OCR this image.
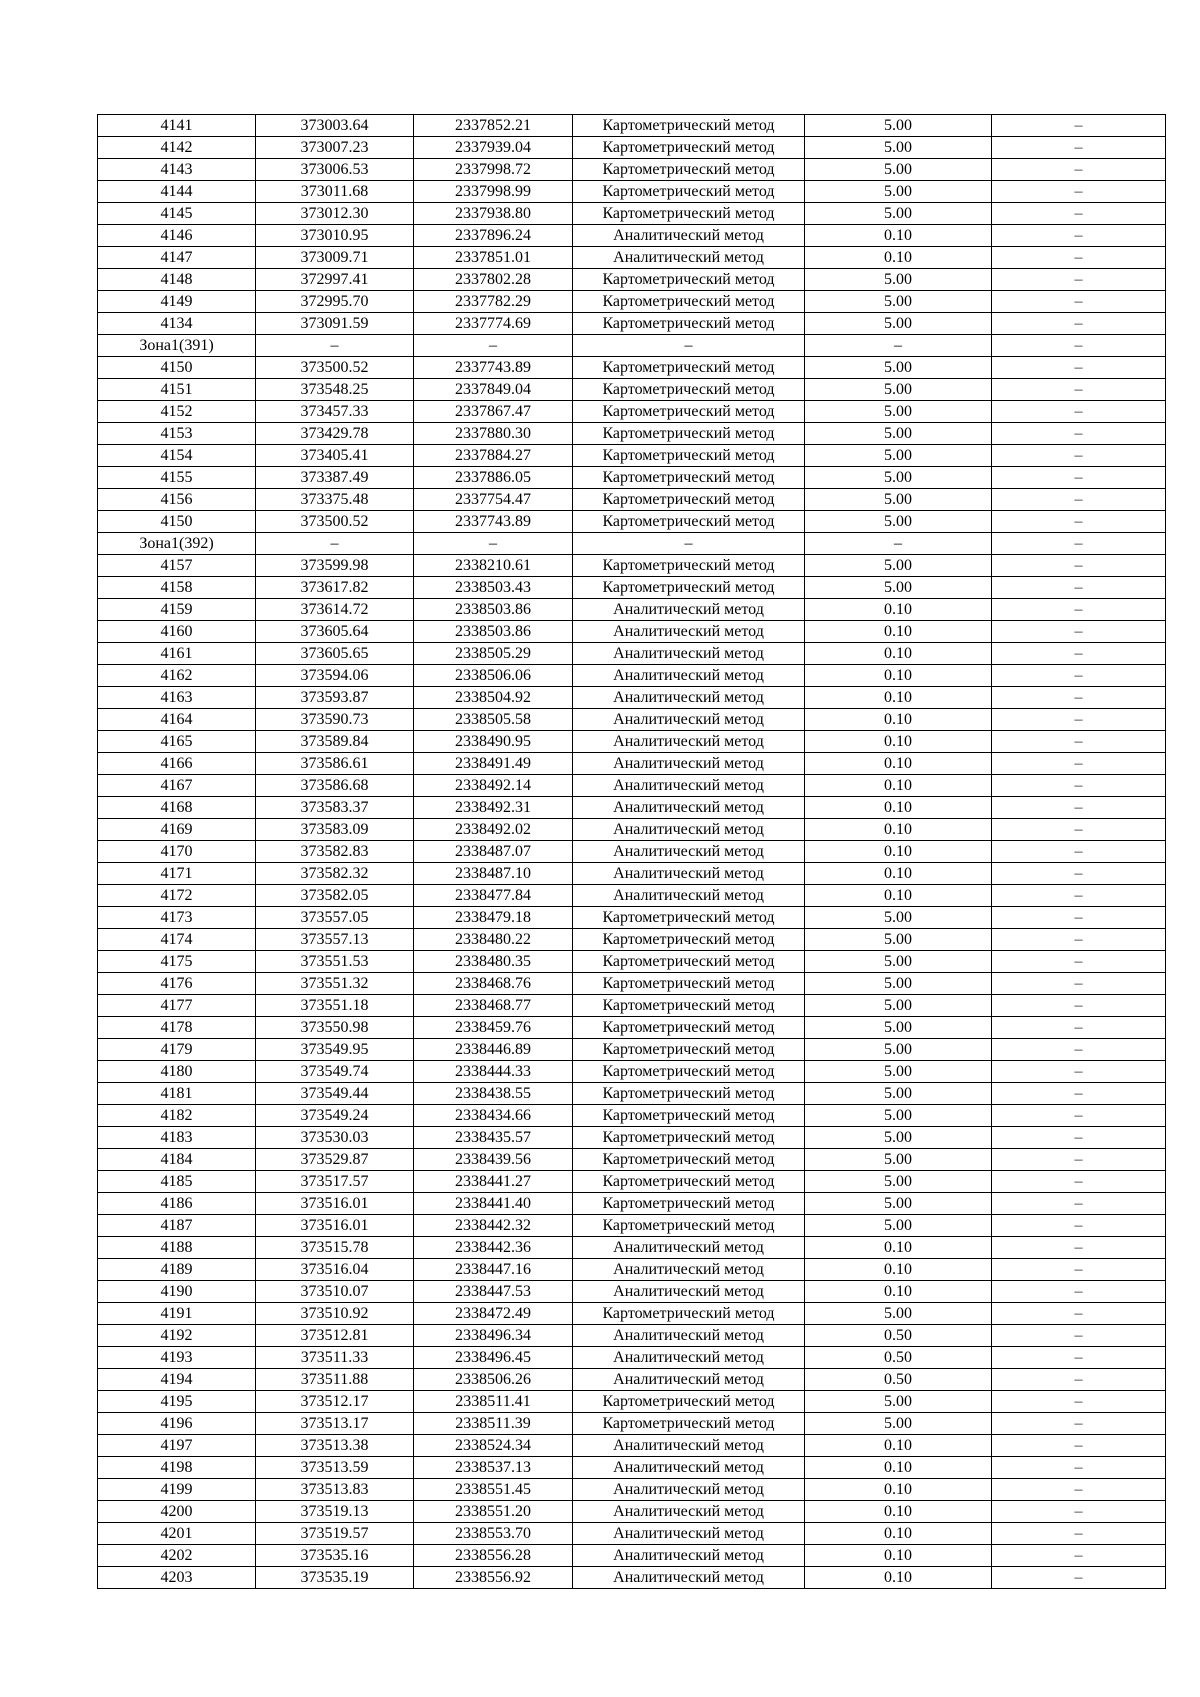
4141	373003.64	2337852.21	Картометрический метод	5.00	–
4142	373007.23	2337939.04	Картометрический метод	5.00	–
4143	373006.53	2337998.72	Картометрический метод	5.00	–
4144	373011.68	2337998.99	Картометрический метод	5.00	–
4145	373012.30	2337938.80	Картометрический метод	5.00	–
4146	373010.95	2337896.24	Аналитический метод	0.10	–
4147	373009.71	2337851.01	Аналитический метод	0.10	–
4148	372997.41	2337802.28	Картометрический метод	5.00	–
4149	372995.70	2337782.29	Картометрический метод	5.00	–
4134	373091.59	2337774.69	Картометрический метод	5.00	–
Зона1(391)	–	–	–	–	–
4150	373500.52	2337743.89	Картометрический метод	5.00	–
4151	373548.25	2337849.04	Картометрический метод	5.00	–
4152	373457.33	2337867.47	Картометрический метод	5.00	–
4153	373429.78	2337880.30	Картометрический метод	5.00	–
4154	373405.41	2337884.27	Картометрический метод	5.00	–
4155	373387.49	2337886.05	Картометрический метод	5.00	–
4156	373375.48	2337754.47	Картометрический метод	5.00	–
4150	373500.52	2337743.89	Картометрический метод	5.00	–
Зона1(392)	–	–	–	–	–
4157	373599.98	2338210.61	Картометрический метод	5.00	–
4158	373617.82	2338503.43	Картометрический метод	5.00	–
4159	373614.72	2338503.86	Аналитический метод	0.10	–
4160	373605.64	2338503.86	Аналитический метод	0.10	–
4161	373605.65	2338505.29	Аналитический метод	0.10	–
4162	373594.06	2338506.06	Аналитический метод	0.10	–
4163	373593.87	2338504.92	Аналитический метод	0.10	–
4164	373590.73	2338505.58	Аналитический метод	0.10	–
4165	373589.84	2338490.95	Аналитический метод	0.10	–
4166	373586.61	2338491.49	Аналитический метод	0.10	–
4167	373586.68	2338492.14	Аналитический метод	0.10	–
4168	373583.37	2338492.31	Аналитический метод	0.10	–
4169	373583.09	2338492.02	Аналитический метод	0.10	–
4170	373582.83	2338487.07	Аналитический метод	0.10	–
4171	373582.32	2338487.10	Аналитический метод	0.10	–
4172	373582.05	2338477.84	Аналитический метод	0.10	–
4173	373557.05	2338479.18	Картометрический метод	5.00	–
4174	373557.13	2338480.22	Картометрический метод	5.00	–
4175	373551.53	2338480.35	Картометрический метод	5.00	–
4176	373551.32	2338468.76	Картометрический метод	5.00	–
4177	373551.18	2338468.77	Картометрический метод	5.00	–
4178	373550.98	2338459.76	Картометрический метод	5.00	–
4179	373549.95	2338446.89	Картометрический метод	5.00	–
4180	373549.74	2338444.33	Картометрический метод	5.00	–
4181	373549.44	2338438.55	Картометрический метод	5.00	–
4182	373549.24	2338434.66	Картометрический метод	5.00	–
4183	373530.03	2338435.57	Картометрический метод	5.00	–
4184	373529.87	2338439.56	Картометрический метод	5.00	–
4185	373517.57	2338441.27	Картометрический метод	5.00	–
4186	373516.01	2338441.40	Картометрический метод	5.00	–
4187	373516.01	2338442.32	Картометрический метод	5.00	–
4188	373515.78	2338442.36	Аналитический метод	0.10	–
4189	373516.04	2338447.16	Аналитический метод	0.10	–
4190	373510.07	2338447.53	Аналитический метод	0.10	–
4191	373510.92	2338472.49	Картометрический метод	5.00	–
4192	373512.81	2338496.34	Аналитический метод	0.50	–
4193	373511.33	2338496.45	Аналитический метод	0.50	–
4194	373511.88	2338506.26	Аналитический метод	0.50	–
4195	373512.17	2338511.41	Картометрический метод	5.00	–
4196	373513.17	2338511.39	Картометрический метод	5.00	–
4197	373513.38	2338524.34	Аналитический метод	0.10	–
4198	373513.59	2338537.13	Аналитический метод	0.10	–
4199	373513.83	2338551.45	Аналитический метод	0.10	–
4200	373519.13	2338551.20	Аналитический метод	0.10	–
4201	373519.57	2338553.70	Аналитический метод	0.10	–
4202	373535.16	2338556.28	Аналитический метод	0.10	–
4203	373535.19	2338556.92	Аналитический метод	0.10	–
